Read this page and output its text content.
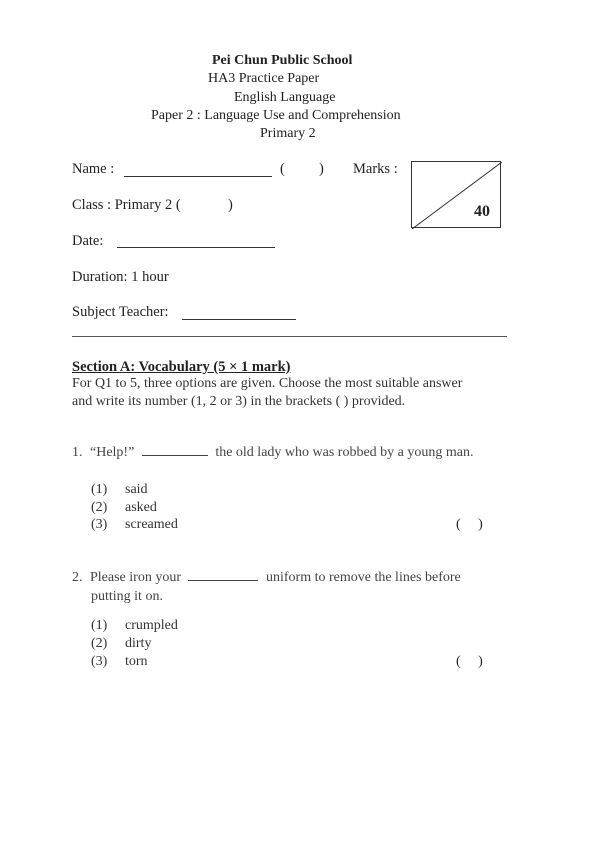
Pei Chun Public School
HA3 Practice Paper
English Language
Paper 2 : Language Use and Comprehension
Primary 2
Name :	( ) Marks :
40
Class : Primary 2 (	)
Date:
Duration: 1 hour
Subject Teacher:
Section A: Vocabulary (5 × 1 mark)
For Q1 to 5, three options are given. Choose the most suitable answer
and write its number (1, 2 or 3) in the brackets ( ) provided.
1. “Help!”	the old lady who was robbed by a young man.
(1) said
(2) asked
(3) screamed	(     )
2. Please iron your	uniform to remove the lines before
putting it on.
(1) crumpled
(2) dirty
(3) torn	(     )
